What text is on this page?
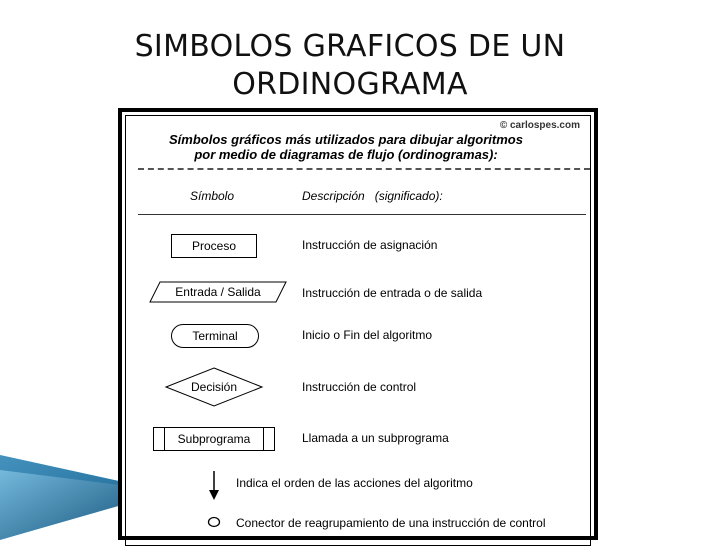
SIMBOLOS GRAFICOS DE UN
ORDINOGRAMA
© carlospes.com
Símbolos gráficos más utilizados para dibujar algoritmos
por medio de diagramas de flujo (ordinogramas):
Símbolo	Descripción   (significado):
Proceso	Instrucción de asignación
Entrada / Salida	Instrucción de entrada o de salida
Terminal	Inicio o Fin del algoritmo
Decisión	Instrucción de control
Subprograma	Llamada a un subprograma
Indica el orden de las acciones del algoritmo
Conector de reagrupamiento de una instrucción de control
